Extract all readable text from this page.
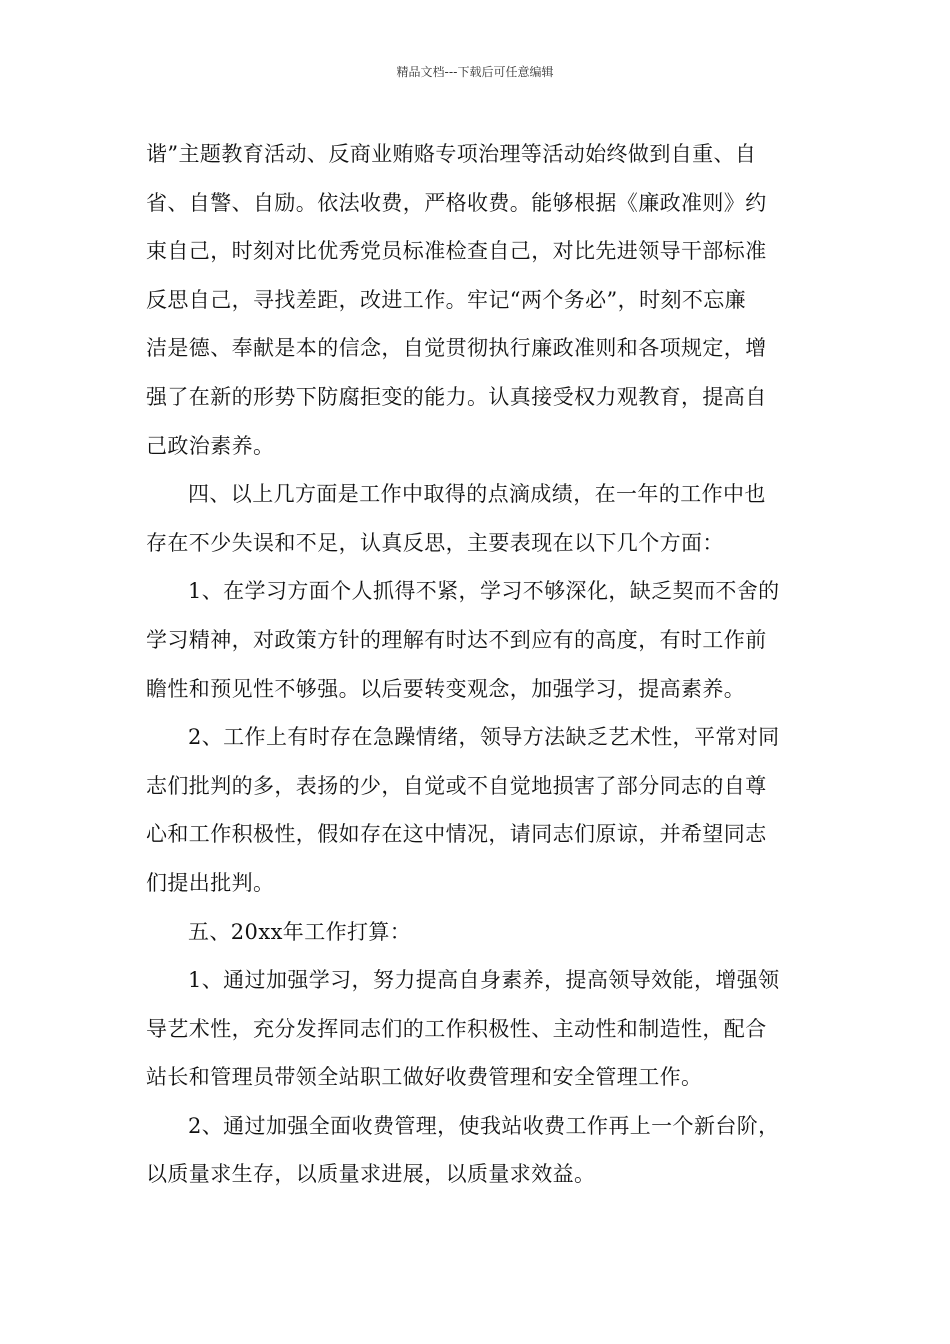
精品文档---下载后可任意编辑
谐”主题教育活动、反商业贿赂专项治理等活动始终做到自重、自
省、自警、自励。依法收费，严格收费。能够根据《廉政准则》约
束自己，时刻对比优秀党员标准检查自己，对比先进领导干部标准
反思自己，寻找差距，改进工作。牢记“两个务必”，时刻不忘廉
洁是德、奉献是本的信念，自觉贯彻执行廉政准则和各项规定，增
强了在新的形势下防腐拒变的能力。认真接受权力观教育，提高自
己政治素养。
四、以上几方面是工作中取得的点滴成绩，在一年的工作中也
存在不少失误和不足，认真反思，主要表现在以下几个方面：
1、在学习方面个人抓得不紧，学习不够深化，缺乏契而不舍的
学习精神，对政策方针的理解有时达不到应有的高度，有时工作前
瞻性和预见性不够强。以后要转变观念，加强学习，提高素养。
2、工作上有时存在急躁情绪，领导方法缺乏艺术性，平常对同
志们批判的多，表扬的少，自觉或不自觉地损害了部分同志的自尊
心和工作积极性，假如存在这中情况，请同志们原谅，并希望同志
们提出批判。
五、20xx年工作打算：
1、通过加强学习，努力提高自身素养，提高领导效能，增强领
导艺术性，充分发挥同志们的工作积极性、主动性和制造性，配合
站长和管理员带领全站职工做好收费管理和安全管理工作。
2、通过加强全面收费管理，使我站收费工作再上一个新台阶，
以质量求生存，以质量求进展，以质量求效益。
